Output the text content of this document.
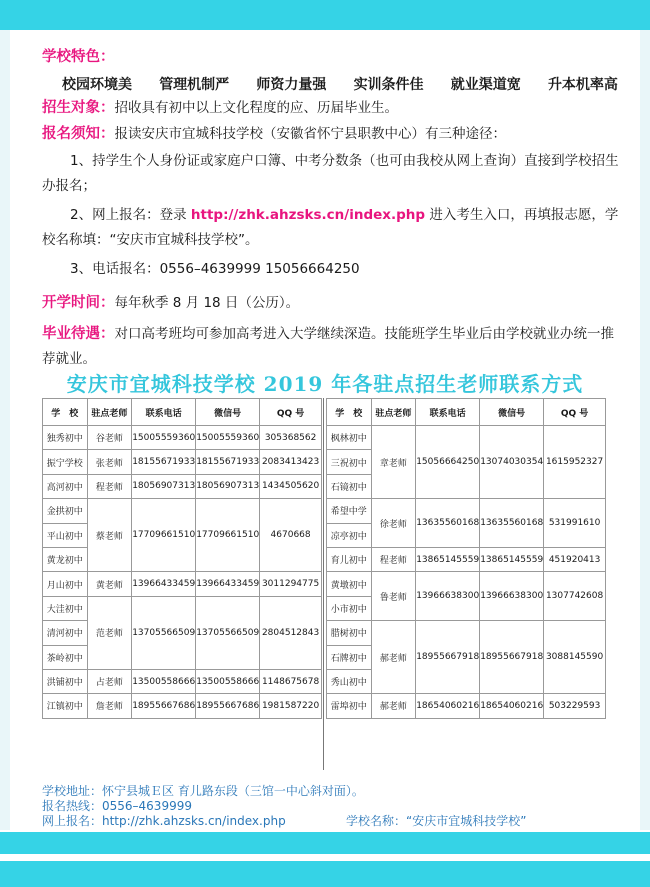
学校特色：
校园环境美 管理机制严 师资力量强 实训条件佳 就业渠道宽 升本机率高
招生对象：招收具有初中以上文化程度的应、历届毕业生。
报名须知：报读安庆市宜城科技学校（安徽省怀宁县职教中心）有三种途径：
1、持学生个人身份证或家庭户口簿、中考分数条（也可由我校从网上查询）直接到学校招生办报名；
2、网上报名：登录 http://zhk.ahzsks.cn/index.php 进入考生入口，再填报志愿，学校名称填：“安庆市宜城科技学校”。
3、电话报名：0556–4639999 15056664250
开学时间：每年秋季 8 月 18 日（公历）。
毕业待遇：对口高考班均可参加高考进入大学继续深造。技能班学生毕业后由学校就业办统一推荐就业。
安庆市宜城科技学校 2019 年各驻点招生老师联系方式
学　校	驻点老师	联系电话	微信号	QQ 号
独秀初中	谷老师	15005559360	15005559360	305368562
振宁学校	张老师	18155671933	18155671933	2083413423
高河初中	程老师	18056907313	18056907313	1434505620
金拱初中	蔡老师	17709661510	17709661510	4670668
平山初中				
黄龙初中				
月山初中	黄老师	13966433459	13966433459	3011294775
大洼初中	范老师	13705566509	13705566509	2804512843
清河初中				
茶岭初中				
洪铺初中	占老师	13500558666	13500558666	1148675678
江镇初中	詹老师	18955667686	18955667686	1981587220
学　校	驻点老师	联系电话	微信号	QQ 号
枫林初中	章老师	15056664250	13074030354	1615952327
三祝初中				
石镜初中				
希望中学	徐老师	13635560168	13635560168	531991610
凉亭初中				
育儿初中	程老师	13865145559	13865145559	451920413
黄墩初中	鲁老师	13966638300	13966638300	1307742608
小市初中				
腊树初中	郝老师	18955667918	18955667918	3088145590
石牌初中				
秀山初中				
雷埠初中	郝老师	18654060216	18654060216	503229593
学校地址：怀宁县城Ｅ区 育儿路东段（三馆一中心斜对面）。
报名热线：0556–4639999
网上报名：http://zhk.ahzsks.cn/index.php	学校名称：“安庆市宜城科技学校”
